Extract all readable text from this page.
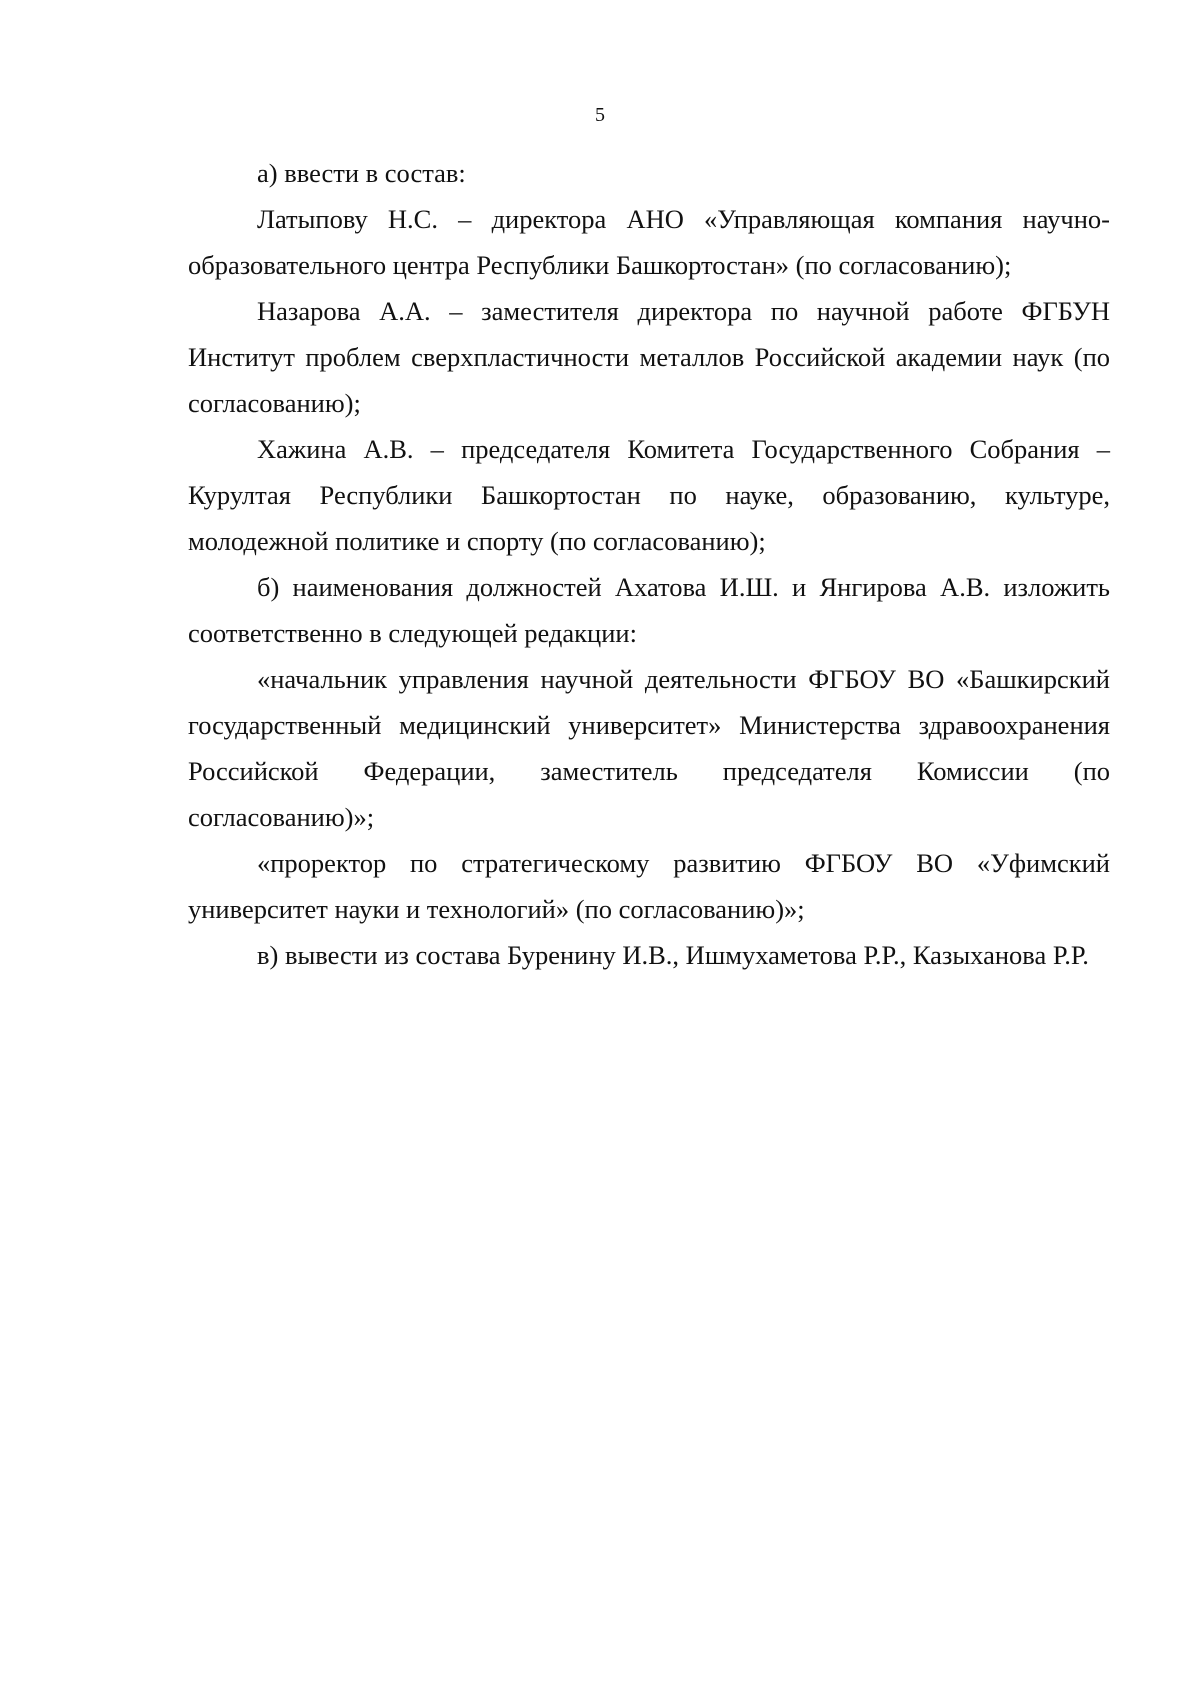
5

а) ввести в состав:

Латыпову Н.С. – директора АНО «Управляющая компания научно-образовательного центра Республики Башкортостан» (по согласованию);

Назарова А.А. – заместителя директора по научной работе ФГБУН Институт проблем сверхпластичности металлов Российской академии наук (по согласованию);

Хажина А.В. – председателя Комитета Государственного Собрания – Курултая Республики Башкортостан по науке, образованию, культуре, молодежной политике и спорту (по согласованию);

б) наименования должностей Ахатова И.Ш. и Янгирова А.В. изложить соответственно в следующей редакции:

«начальник управления научной деятельности ФГБОУ ВО «Башкирский государственный медицинский университет» Министерства здравоохранения Российской Федерации, заместитель председателя Комиссии (по согласованию)»;

«проректор по стратегическому развитию ФГБОУ ВО «Уфимский университет науки и технологий» (по согласованию)»;

в) вывести из состава Буренину И.В., Ишмухаметова Р.Р., Казыханова Р.Р.
